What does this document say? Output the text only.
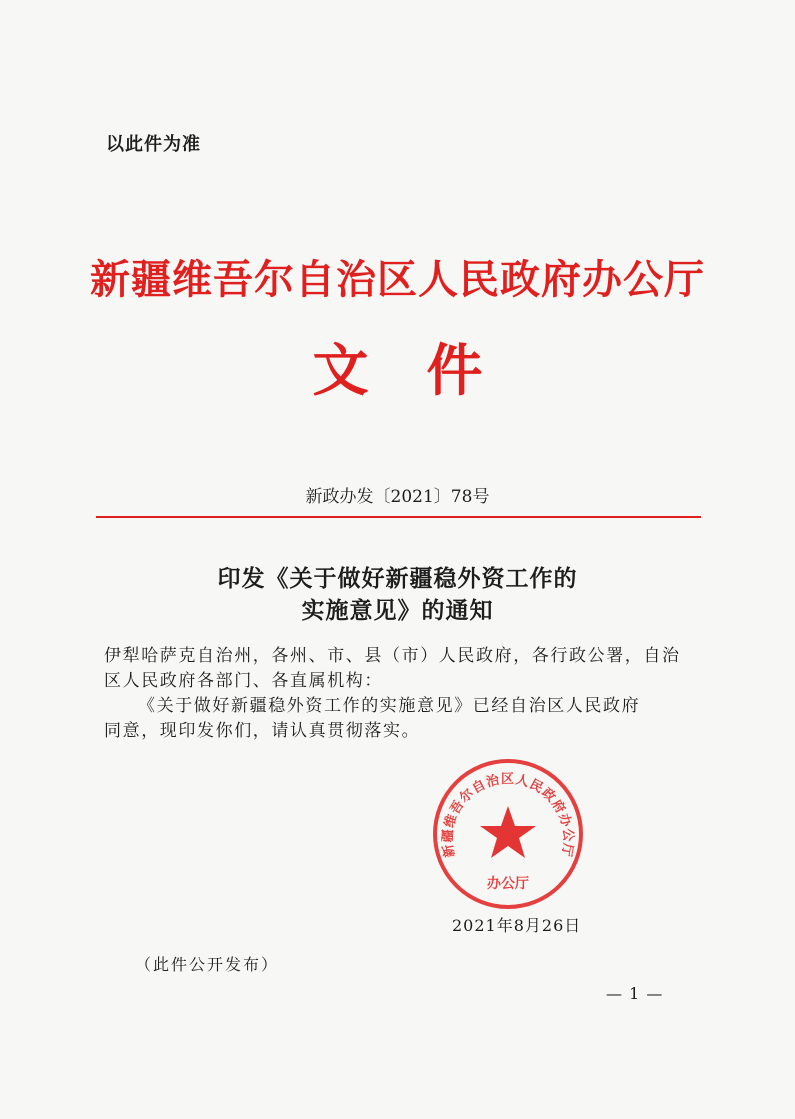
以此件为准
新疆维吾尔自治区人民政府办公厅
文件
新政办发〔2021〕78号
印发《关于做好新疆稳外资工作的
实施意见》的通知
伊犁哈萨克自治州，各州、市、县（市）人民政府，各行政公署，自治
区人民政府各部门、各直属机构：
《关于做好新疆稳外资工作的实施意见》已经自治区人民政府
同意，现印发你们，请认真贯彻落实。
新疆维吾尔自治区人民政府办公厅
办公厅
2021年8月26日
（此件公开发布）
— 1 —
